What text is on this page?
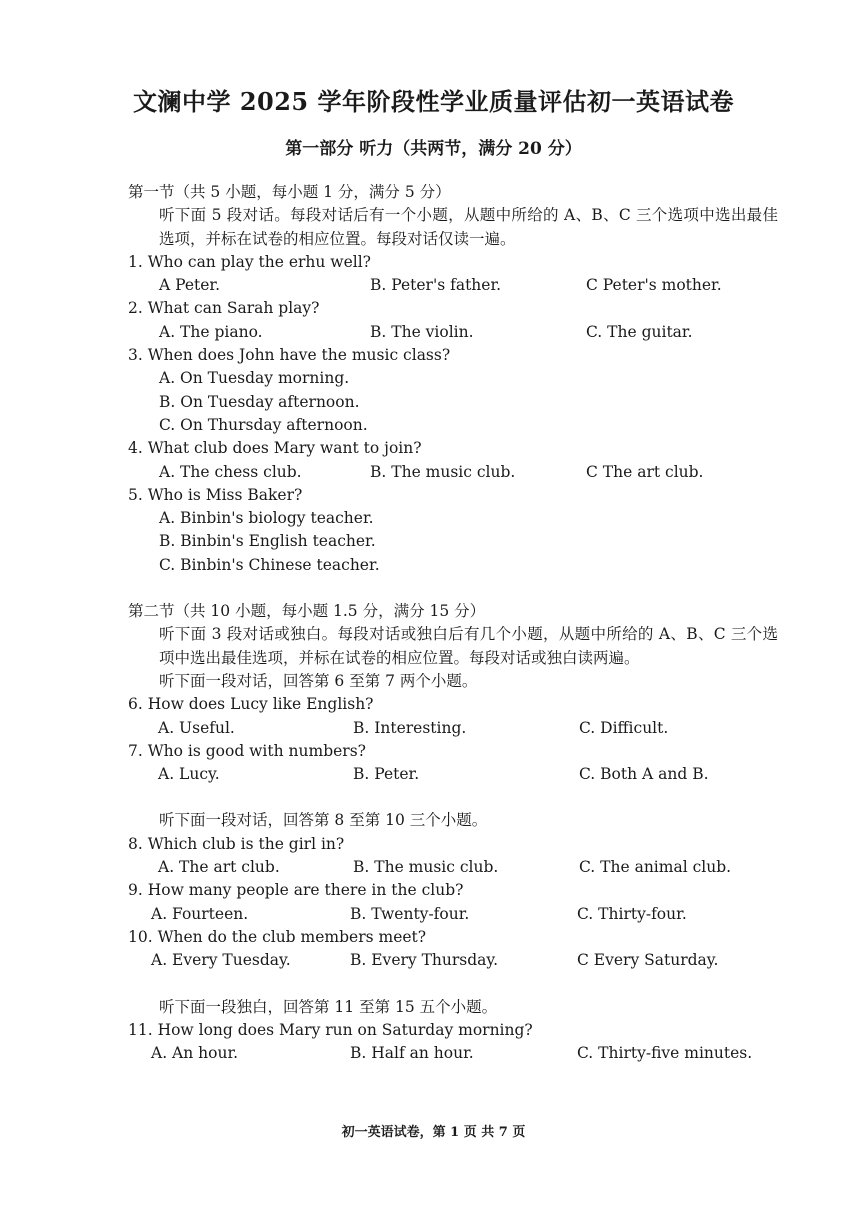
文澜中学 2025 学年阶段性学业质量评估初一英语试卷
第一部分 听力（共两节，满分 20 分）
第一节（共 5 小题，每小题 1 分，满分 5 分）
听下面 5 段对话。每段对话后有一个小题，从题中所给的 A、B、C 三个选项中选出最佳选项，并标在试卷的相应位置。每段对话仅读一遍。
1. Who can play the erhu well?
A Peter.	B. Peter's father.	C Peter's mother.
2. What can Sarah play?
A. The piano.	B. The violin.	C. The guitar.
3. When does John have the music class?
A. On Tuesday morning.
B. On Tuesday afternoon.
C. On Thursday afternoon.
4. What club does Mary want to join?
A. The chess club.	B. The music club.	C The art club.
5. Who is Miss Baker?
A. Binbin's biology teacher.
B. Binbin's English teacher.
C. Binbin's Chinese teacher.
第二节（共 10 小题，每小题 1.5 分，满分 15 分）
听下面 3 段对话或独白。每段对话或独白后有几个小题，从题中所给的 A、B、C 三个选项中选出最佳选项，并标在试卷的相应位置。每段对话或独白读两遍。
听下面一段对话，回答第 6 至第 7 两个小题。
6. How does Lucy like English?
A. Useful.	B. Interesting.	C. Difficult.
7. Who is good with numbers?
A. Lucy.	B. Peter.	C. Both A and B.
听下面一段对话，回答第 8 至第 10 三个小题。
8. Which club is the girl in?
A. The art club.	B. The music club.	C. The animal club.
9. How many people are there in the club?
A. Fourteen.	B. Twenty-four.	C. Thirty-four.
10. When do the club members meet?
A. Every Tuesday.	B. Every Thursday.	C Every Saturday.
听下面一段独白，回答第 11 至第 15 五个小题。
11. How long does Mary run on Saturday morning?
A. An hour.	B. Half an hour.	C. Thirty-five minutes.
初一英语试卷，第 1 页 共 7 页
